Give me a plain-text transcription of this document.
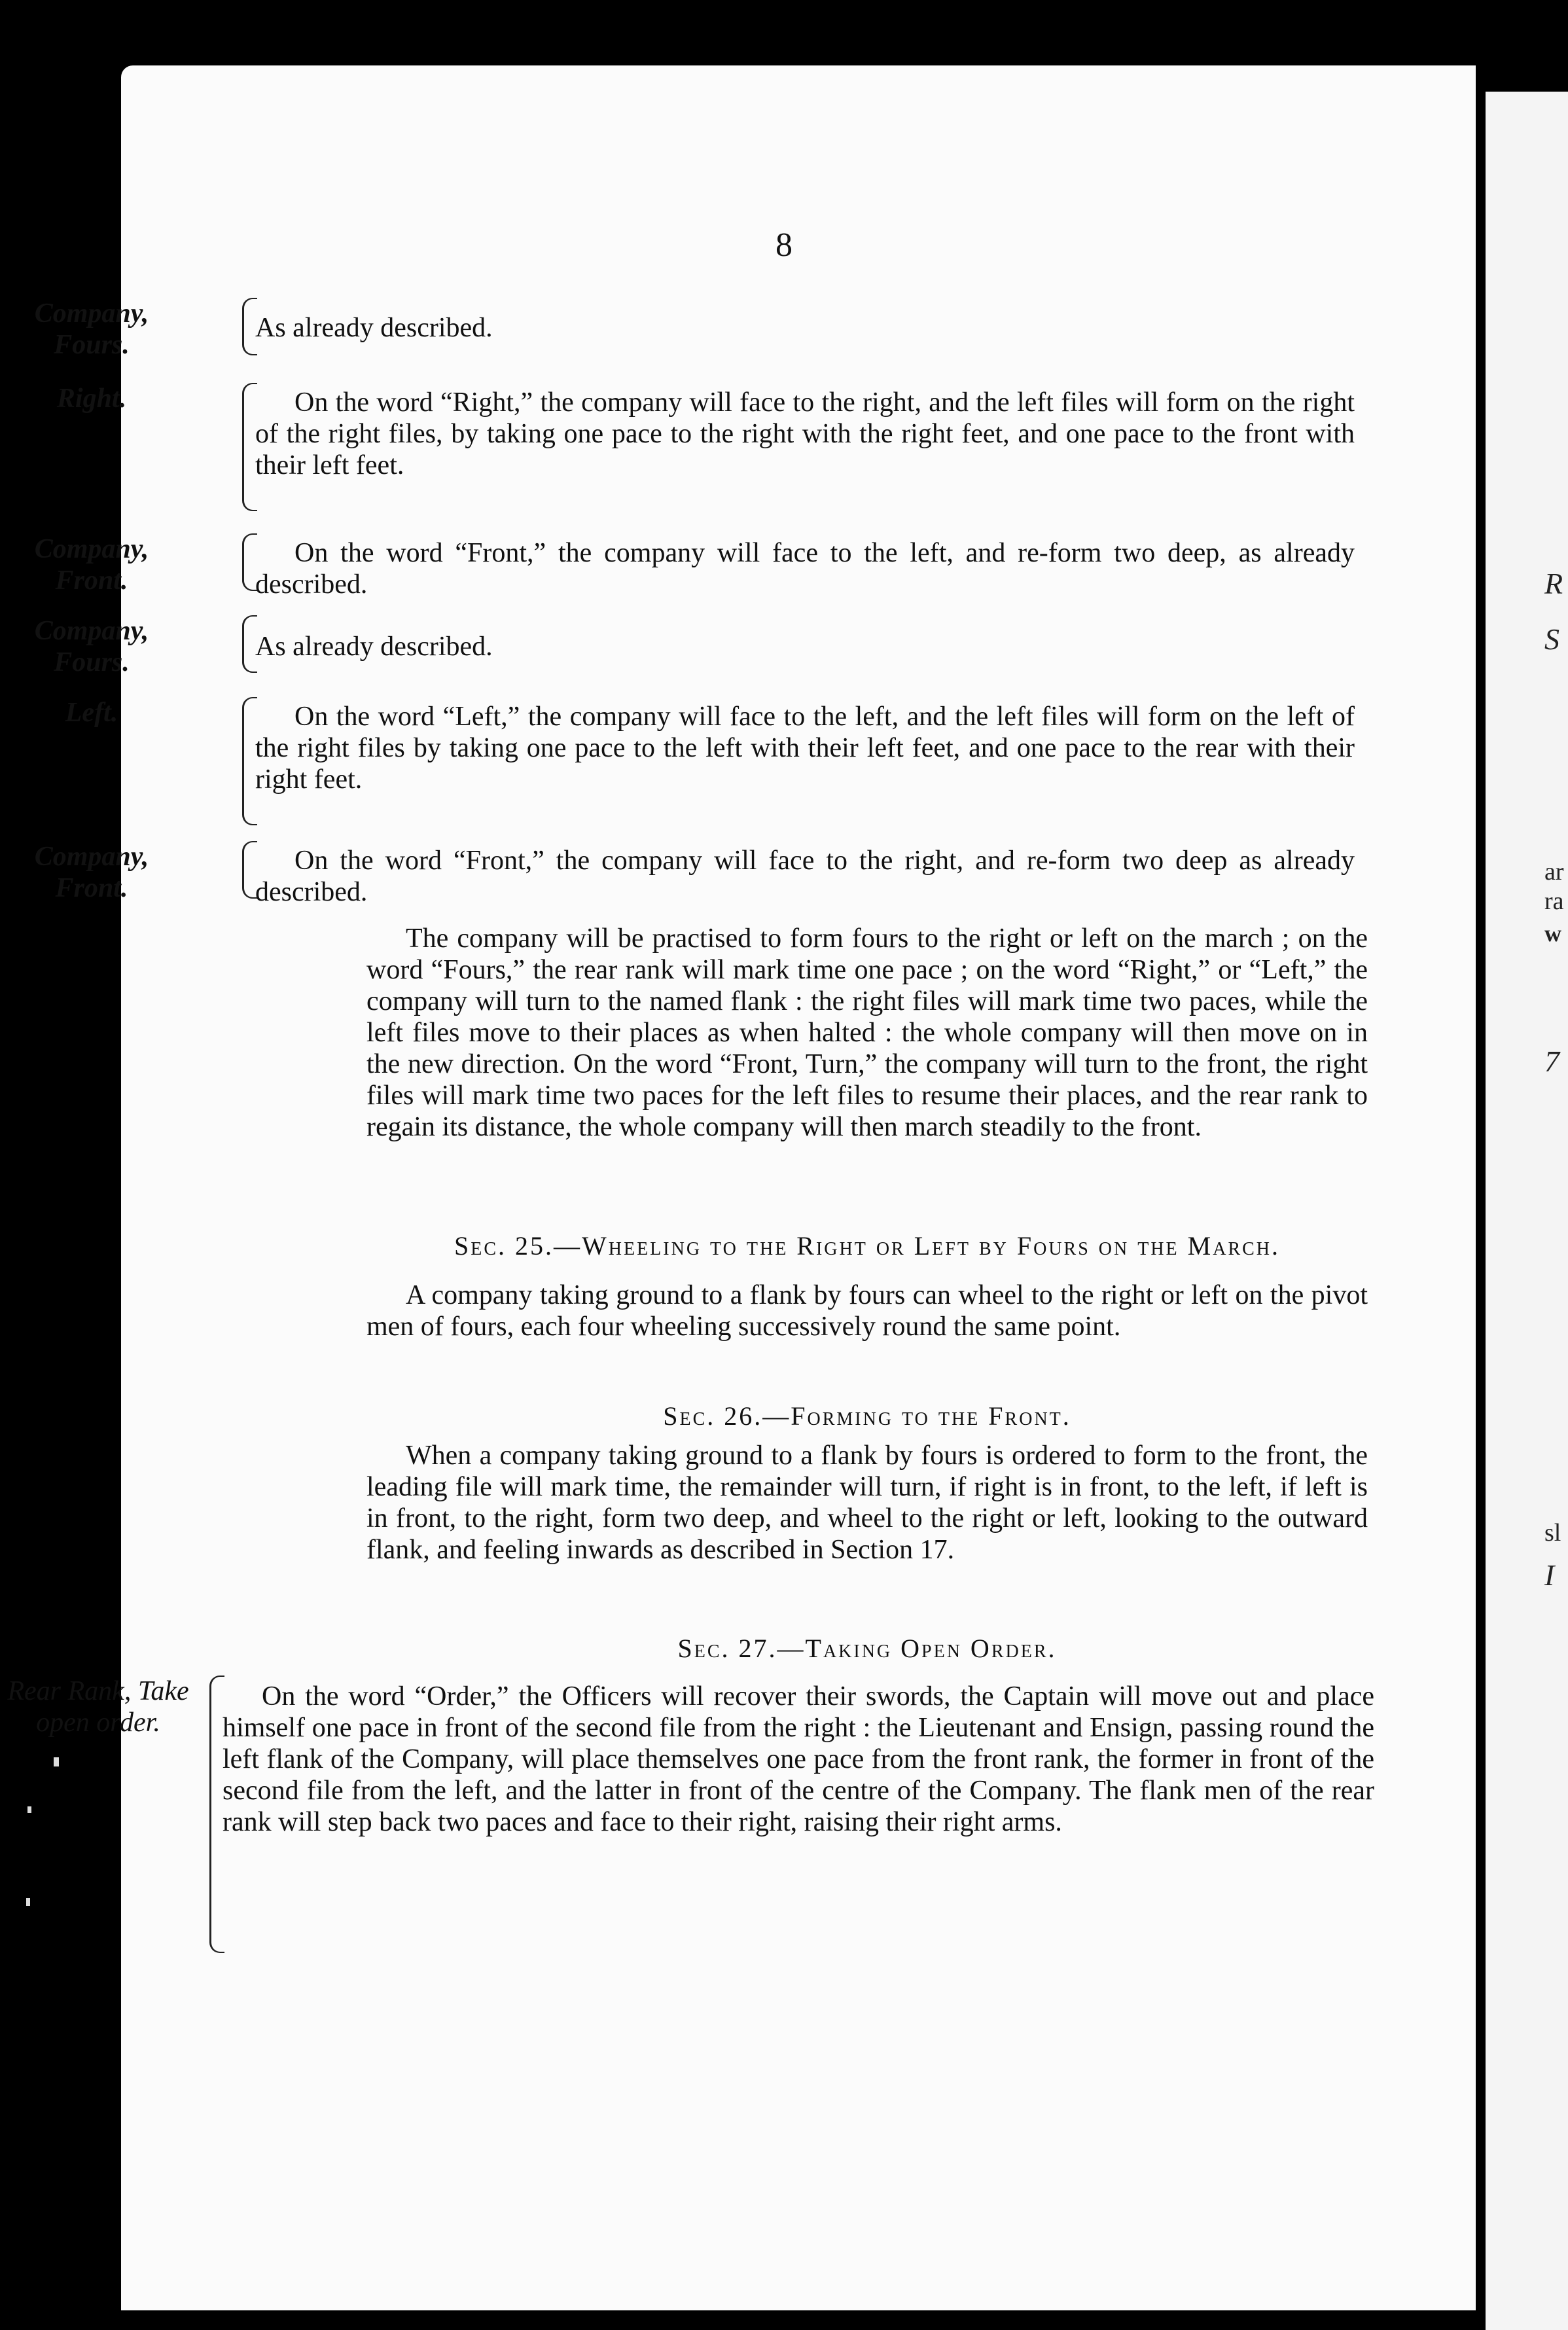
R
S
ar
ra
w
7
sl
I
8
Company, Fours.
As already described.
Right.	On the word “Right,” the company will face to the right, and the left files will form on the right of the right files, by taking one pace to the right with the right feet, and one pace to the front with their left feet.
Company, Front.
On the word “Front,” the company will face to the left, and re-form two deep, as already described.
Company, Fours.
As already described.
Left.	On the word “Left,” the company will face to the left, and the left files will form on the left of the right files by taking one pace to the left with their left feet, and one pace to the rear with their right feet.
Company, Front.
On the word “Front,” the company will face to the right, and re-form two deep as already described.
The company will be practised to form fours to the right or left on the march ; on the word “Fours,” the rear rank will mark time one pace ; on the word “Right,” or “Left,” the company will turn to the named flank : the right files will mark time two paces, while the left files move to their places as when halted : the whole company will then move on in the new direction. On the word “Front, Turn,” the company will turn to the front, the right files will mark time two paces for the left files to resume their places, and the rear rank to regain its distance, the whole company will then march steadily to the front.
Sec. 25.—Wheeling to the Right or Left by Fours on the March.
A company taking ground to a flank by fours can wheel to the right or left on the pivot men of fours, each four wheeling successively round the same point.
Sec. 26.—Forming to the Front.
When a company taking ground to a flank by fours is ordered to form to the front, the leading file will mark time, the remainder will turn, if right is in front, to the left, if left is in front, to the right, form two deep, and wheel to the right or left, looking to the outward flank, and feeling inwards as described in Section 17.
Sec. 27.—Taking Open Order.
Rear Rank, Take open order.
On the word “Order,” the Officers will recover their swords, the Captain will move out and place himself one pace in front of the second file from the right : the Lieutenant and Ensign, passing round the left flank of the Company, will place themselves one pace from the front rank, the former in front of the second file from the left, and the latter in front of the centre of the Company. The flank men of the rear rank will step back two paces and face to their right, raising their right arms.
